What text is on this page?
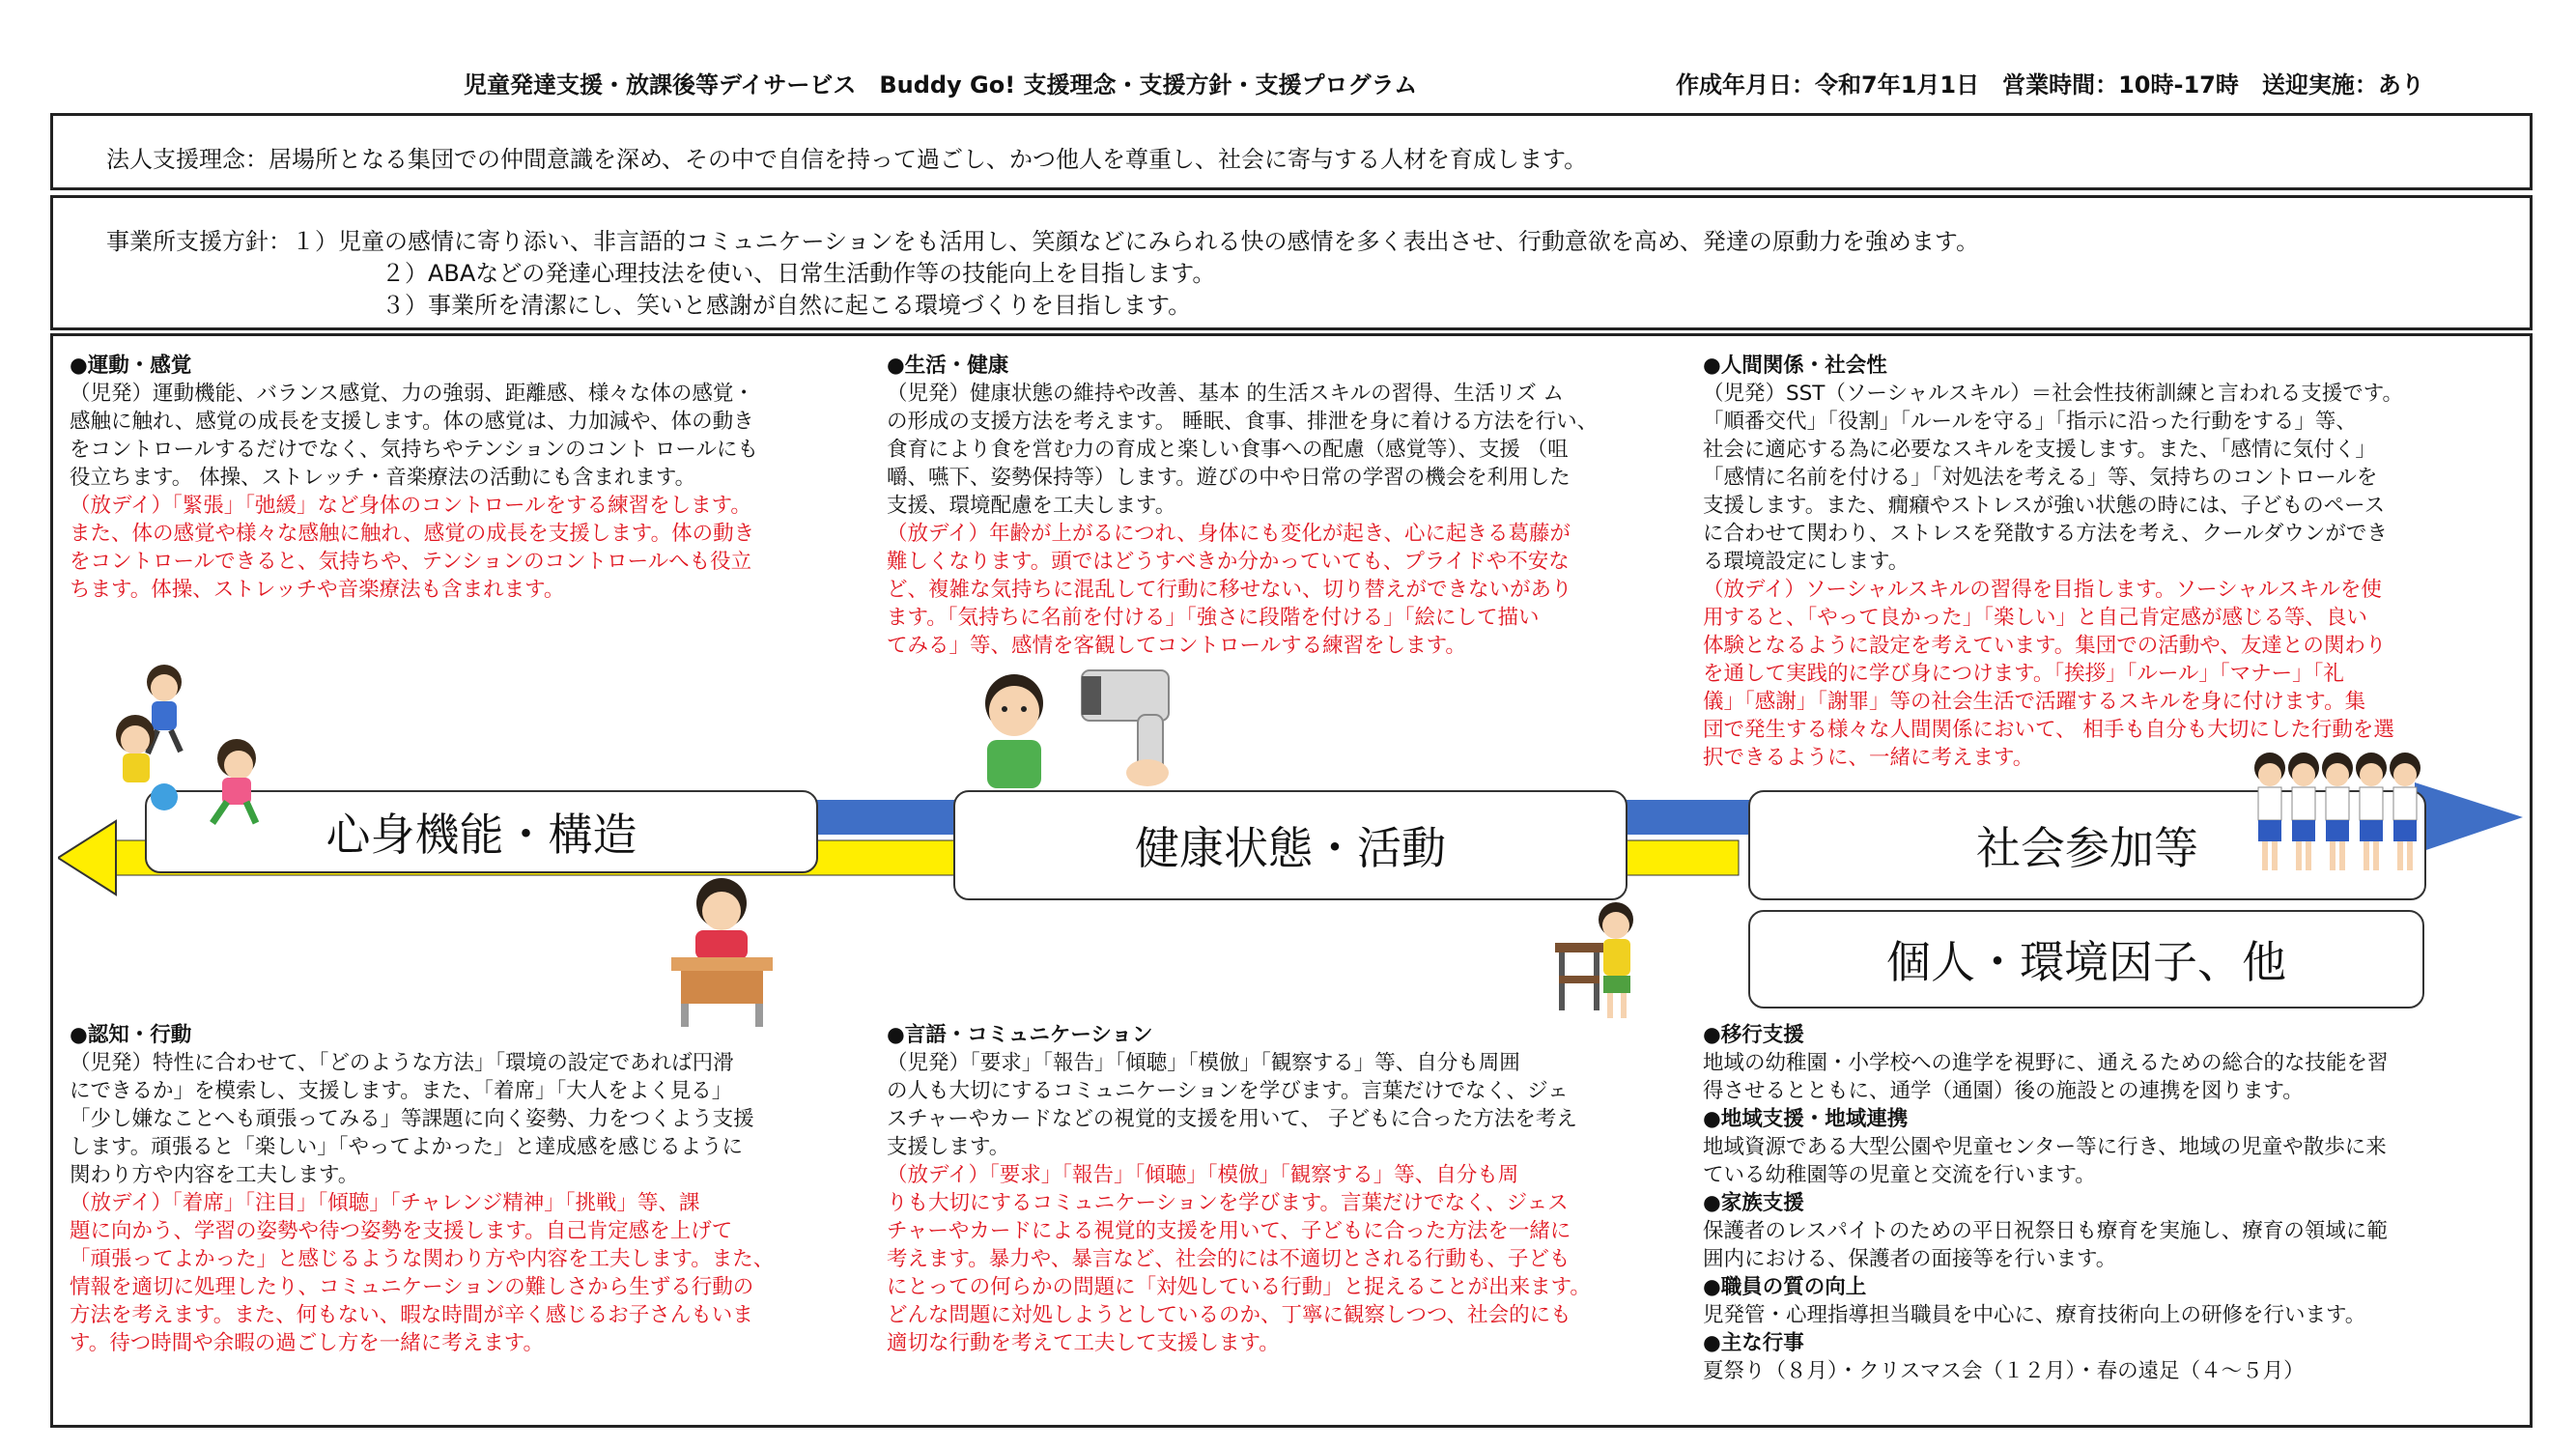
児童発達支援・放課後等デイサービス　Buddy Go! 支援理念・支援方針・支援プログラム	作成年月日：令和7年1月1日　営業時間：10時-17時　送迎実施：あり
法人支援理念：居場所となる集団での仲間意識を深め、その中で自信を持って過ごし、かつ他人を尊重し、社会に寄与する人材を育成します。
事業所支援方針：１）児童の感情に寄り添い、非言語的コミュニケーションをも活用し、笑顔などにみられる快の感情を多く表出させ、行動意欲を高め、発達の原動力を強めます。
２）ABAなどの発達心理技法を使い、日常生活動作等の技能向上を目指します。
３）事業所を清潔にし、笑いと感謝が自然に起こる環境づくりを目指します。
心身機能・構造	健康状態・活動	社会参加等
個人・環境因子、他

●運動・感覚

（児発）運動機能、バランス感覚、力の強弱、距離感、様々な体の感覚・

感触に触れ、感覚の成長を支援します。体の感覚は、力加減や、体の動き

をコントロールするだけでなく、気持ちやテンションのコント ロールにも

役立ちます。 体操、ストレッチ・音楽療法の活動にも含まれます。

（放デイ）「緊張」「弛緩」など身体のコントロールをする練習をします。

また、体の感覚や様々な感触に触れ、感覚の成長を支援します。体の動き

をコントロールできると、気持ちや、テンションのコントロールへも役立

ちます。体操、ストレッチや音楽療法も含まれます。

●生活・健康

（児発）健康状態の維持や改善、基本 的生活スキルの習得、生活リズ ム

の形成の支援方法を考えます。 睡眠、食事、排泄を身に着ける方法を行い、

食育により食を営む力の育成と楽しい食事への配慮（感覚等）、支援 （咀

嚼、嚥下、姿勢保持等）します。遊びの中や日常の学習の機会を利用した

支援、環境配慮を工夫します。

（放デイ）年齢が上がるにつれ、身体にも変化が起き、心に起きる葛藤が

難しくなります。頭ではどうすべきか分かっていても、プライドや不安な

ど、複雑な気持ちに混乱して行動に移せない、切り替えができないがあり

ます。「気持ちに名前を付ける」「強さに段階を付ける」「絵にして描い

てみる」等、感情を客観してコントロールする練習をします。

●人間関係・社会性

（児発）SST（ソーシャルスキル）＝社会性技術訓練と言われる支援です。

「順番交代」「役割」「ルールを守る」「指示に沿った行動をする」等、

社会に適応する為に必要なスキルを支援します。また、「感情に気付く」

「感情に名前を付ける」「対処法を考える」等、気持ちのコントロールを

支援します。また、癇癪やストレスが強い状態の時には、子どものペース

に合わせて関わり、ストレスを発散する方法を考え、クールダウンができ

る環境設定にします。

（放デイ）ソーシャルスキルの習得を目指します。ソーシャルスキルを使

用すると、「やって良かった」「楽しい」と自己肯定感が感じる等、良い

体験となるように設定を考えています。集団での活動や、友達との関わり

を通して実践的に学び身につけます。「挨拶」「ルール」「マナー」「礼

儀」「感謝」「謝罪」等の社会生活で活躍するスキルを身に付けます。集

団で発生する様々な人間関係において、 相手も自分も大切にした行動を選

択できるように、一緒に考えます。

●認知・行動

（児発）特性に合わせて、「どのような方法」「環境の設定であれば円滑

にできるか」を模索し、支援します。また、「着席」「大人をよく見る」

「少し嫌なことへも頑張ってみる」等課題に向く姿勢、力をつくよう支援

します。頑張ると「楽しい」「やってよかった」と達成感を感じるように

関わり方や内容を工夫します。

（放デイ）「着席」「注目」「傾聴」「チャレンジ精神」「挑戦」等、課

題に向かう、学習の姿勢や待つ姿勢を支援します。自己肯定感を上げて

「頑張ってよかった」と感じるような関わり方や内容を工夫します。また、

情報を適切に処理したり、コミュニケーションの難しさから生ずる行動の

方法を考えます。また、何もない、暇な時間が辛く感じるお子さんもいま

す。待つ時間や余暇の過ごし方を一緒に考えます。

●言語・コミュニケーション

（児発）「要求」「報告」「傾聴」「模倣」「観察する」等、自分も周囲

の人も大切にするコミュニケーションを学びます。言葉だけでなく、ジェ

スチャーやカードなどの視覚的支援を用いて、 子どもに合った方法を考え

支援します。

（放デイ）「要求」「報告」「傾聴」「模倣」「観察する」等、自分も周

りも大切にするコミュニケーションを学びます。言葉だけでなく、ジェス

チャーやカードによる視覚的支援を用いて、子どもに合った方法を一緒に

考えます。暴力や、暴言など、社会的には不適切とされる行動も、子ども

にとっての何らかの問題に「対処している行動」と捉えることが出来ます。

どんな問題に対処しようとしているのか、丁寧に観察しつつ、社会的にも

適切な行動を考えて工夫して支援します。

●移行支援

地域の幼稚園・小学校への進学を視野に、通えるための総合的な技能を習

得させるとともに、通学（通園）後の施設との連携を図ります。

●地域支援・地域連携

地域資源である大型公園や児童センター等に行き、地域の児童や散歩に来

ている幼稚園等の児童と交流を行います。

●家族支援

保護者のレスパイトのための平日祝祭日も療育を実施し、療育の領域に範

囲内における、保護者の面接等を行います。

●職員の質の向上

児発管・心理指導担当職員を中心に、療育技術向上の研修を行います。

●主な行事

夏祭り（８月）・クリスマス会（１２月）・春の遠足（４～５月）
